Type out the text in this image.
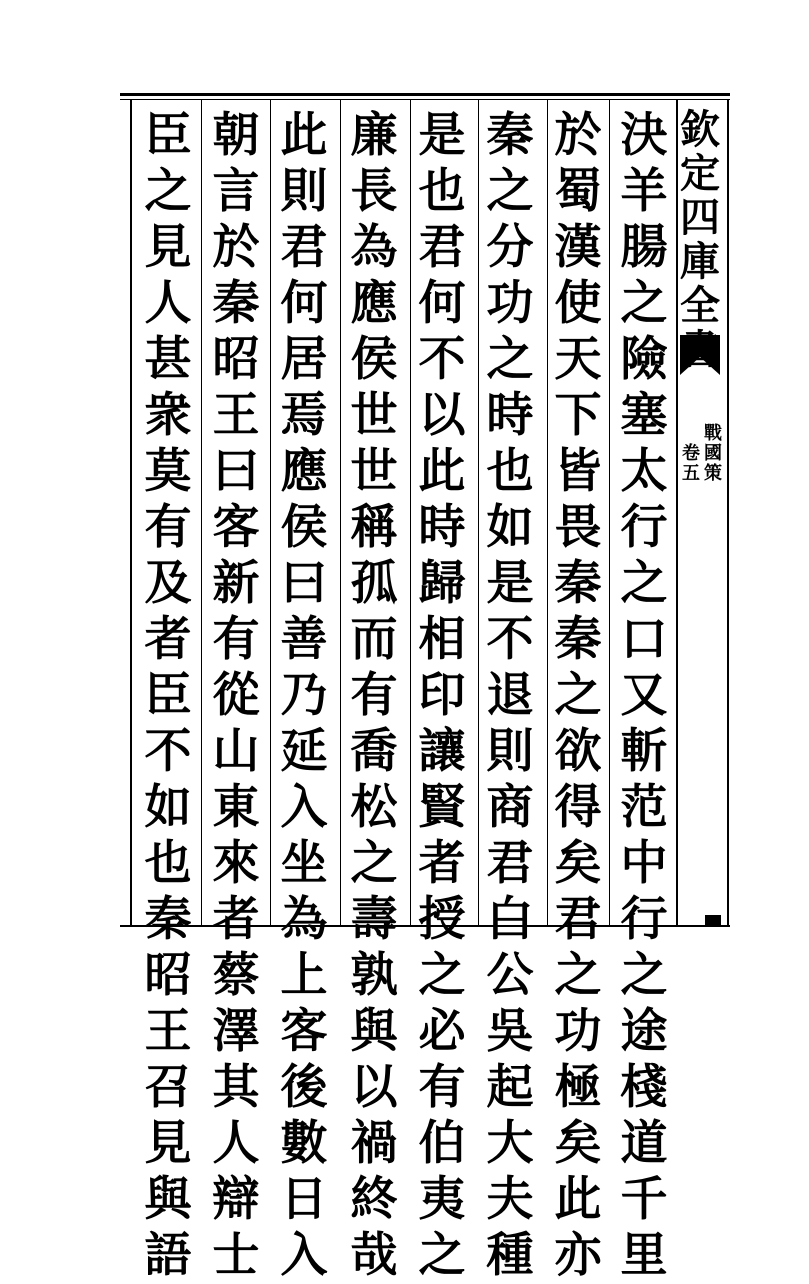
欽
定
四
庫
全
戰
國
策
卷
五
決
羊
腸
之
險
塞
太
行
之
口
又
斬
范
中
行
之
途
棧
道
千
里
於
蜀
漢
使
天
下
皆
畏
秦
秦
之
欲
得
矣
君
之
功
極
矣
此
亦
秦
之
分
功
之
時
也
如
是
不
退
則
商
君
白
公
吳
起
大
夫
種
是
也
君
何
不
以
此
時
歸
相
印
讓
賢
者
授
之
必
有
伯
夷
之
廉
長
為
應
侯
世
世
稱
孤
而
有
喬
松
之
壽
孰
與
以
禍
終
哉
此
則
君
何
居
焉
應
侯
曰
善
乃
延
入
坐
為
上
客
後
數
日
入
朝
言
於
秦
昭
王
曰
客
新
有
從
山
東
來
者
蔡
澤
其
人
辯
士
臣
之
見
人
甚
衆
莫
有
及
者
臣
不
如
也
秦
昭
王
召
見
與
語
